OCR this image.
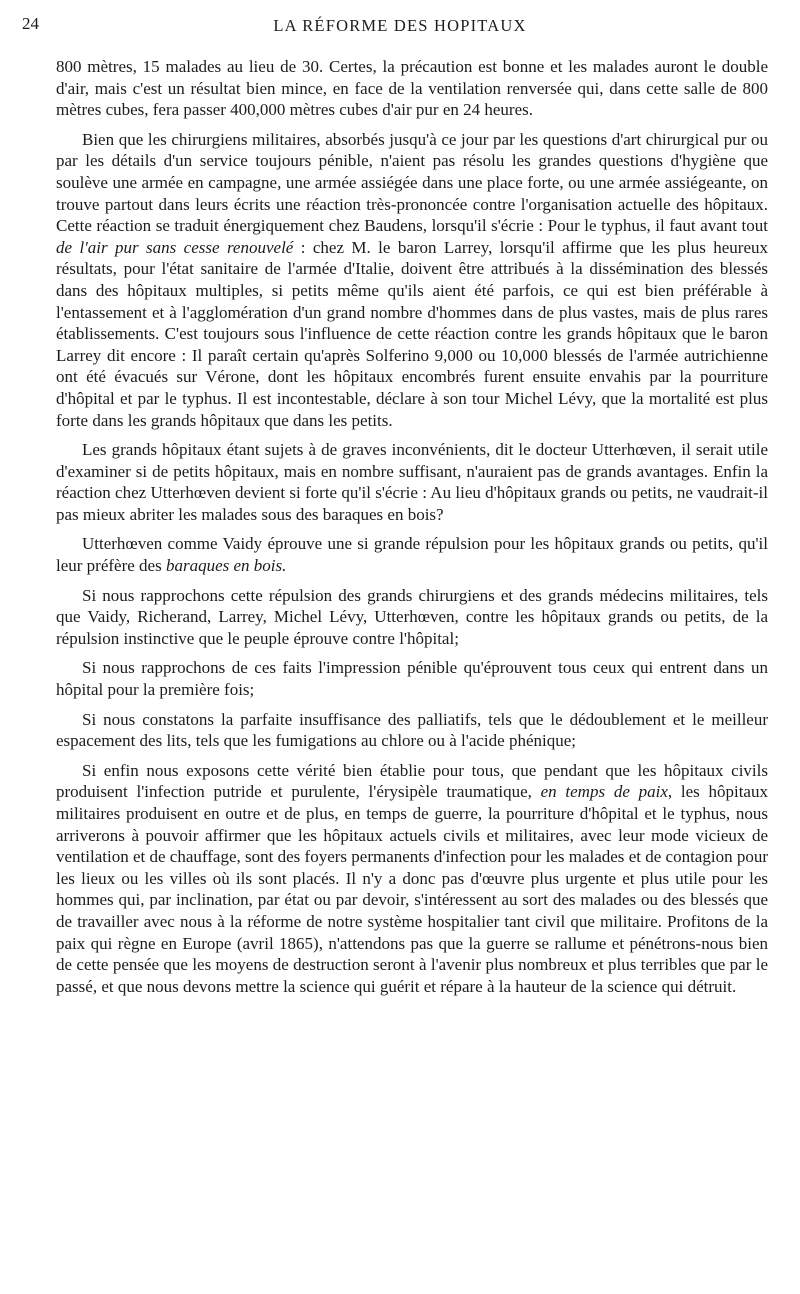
24	LA RÉFORME DES HOPITAUX

800 mètres, 15 malades au lieu de 30. Certes, la précaution est bonne et les malades auront le double d'air, mais c'est un résultat bien mince, en face de la ventilation renversée qui, dans cette salle de 800 mètres cubes, fera passer 400,000 mètres cubes d'air pur en 24 heures.

Bien que les chirurgiens militaires, absorbés jusqu'à ce jour par les questions d'art chirurgical pur ou par les détails d'un service toujours pénible, n'aient pas résolu les grandes questions d'hygiène que soulève une armée en campagne, une armée assiégée dans une place forte, ou une armée assiégeante, on trouve partout dans leurs écrits une réaction très-prononcée contre l'organisation actuelle des hôpitaux. Cette réaction se traduit énergiquement chez Baudens, lorsqu'il s'écrie : Pour le typhus, il faut avant tout de l'air pur sans cesse renouvelé : chez M. le baron Larrey, lorsqu'il affirme que les plus heureux résultats, pour l'état sanitaire de l'armée d'Italie, doivent être attribués à la dissémination des blessés dans des hôpitaux multiples, si petits même qu'ils aient été parfois, ce qui est bien préférable à l'entassement et à l'agglomération d'un grand nombre d'hommes dans de plus vastes, mais de plus rares établissements. C'est toujours sous l'influence de cette réaction contre les grands hôpitaux que le baron Larrey dit encore : Il paraît certain qu'après Solferino 9,000 ou 10,000 blessés de l'armée autrichienne ont été évacués sur Vérone, dont les hôpitaux encombrés furent ensuite envahis par la pourriture d'hôpital et par le typhus. Il est incontestable, déclare à son tour Michel Lévy, que la mortalité est plus forte dans les grands hôpitaux que dans les petits.

Les grands hôpitaux étant sujets à de graves inconvénients, dit le docteur Utterhœven, il serait utile d'examiner si de petits hôpitaux, mais en nombre suffisant, n'auraient pas de grands avantages. Enfin la réaction chez Utterhœven devient si forte qu'il s'écrie : Au lieu d'hôpitaux grands ou petits, ne vaudrait-il pas mieux abriter les malades sous des baraques en bois?

Utterhœven comme Vaidy éprouve une si grande répulsion pour les hôpitaux grands ou petits, qu'il leur préfère des baraques en bois.

Si nous rapprochons cette répulsion des grands chirurgiens et des grands médecins militaires, tels que Vaidy, Richerand, Larrey, Michel Lévy, Utterhœven, contre les hôpitaux grands ou petits, de la répulsion instinctive que le peuple éprouve contre l'hôpital;

Si nous rapprochons de ces faits l'impression pénible qu'éprouvent tous ceux qui entrent dans un hôpital pour la première fois;

Si nous constatons la parfaite insuffisance des palliatifs, tels que le dédoublement et le meilleur espacement des lits, tels que les fumigations au chlore ou à l'acide phénique;

Si enfin nous exposons cette vérité bien établie pour tous, que pendant que les hôpitaux civils produisent l'infection putride et purulente, l'érysipèle traumatique, en temps de paix, les hôpitaux militaires produisent en outre et de plus, en temps de guerre, la pourriture d'hôpital et le typhus, nous arriverons à pouvoir affirmer que les hôpitaux actuels civils et militaires, avec leur mode vicieux de ventilation et de chauffage, sont des foyers permanents d'infection pour les malades et de contagion pour les lieux ou les villes où ils sont placés. Il n'y a donc pas d'œuvre plus urgente et plus utile pour les hommes qui, par inclination, par état ou par devoir, s'intéressent au sort des malades ou des blessés que de travailler avec nous à la réforme de notre système hospitalier tant civil que militaire. Profitons de la paix qui règne en Europe (avril 1865), n'attendons pas que la guerre se rallume et pénétrons-nous bien de cette pensée que les moyens de destruction seront à l'avenir plus nombreux et plus terribles que par le passé, et que nous devons mettre la science qui guérit et répare à la hauteur de la science qui détruit.
